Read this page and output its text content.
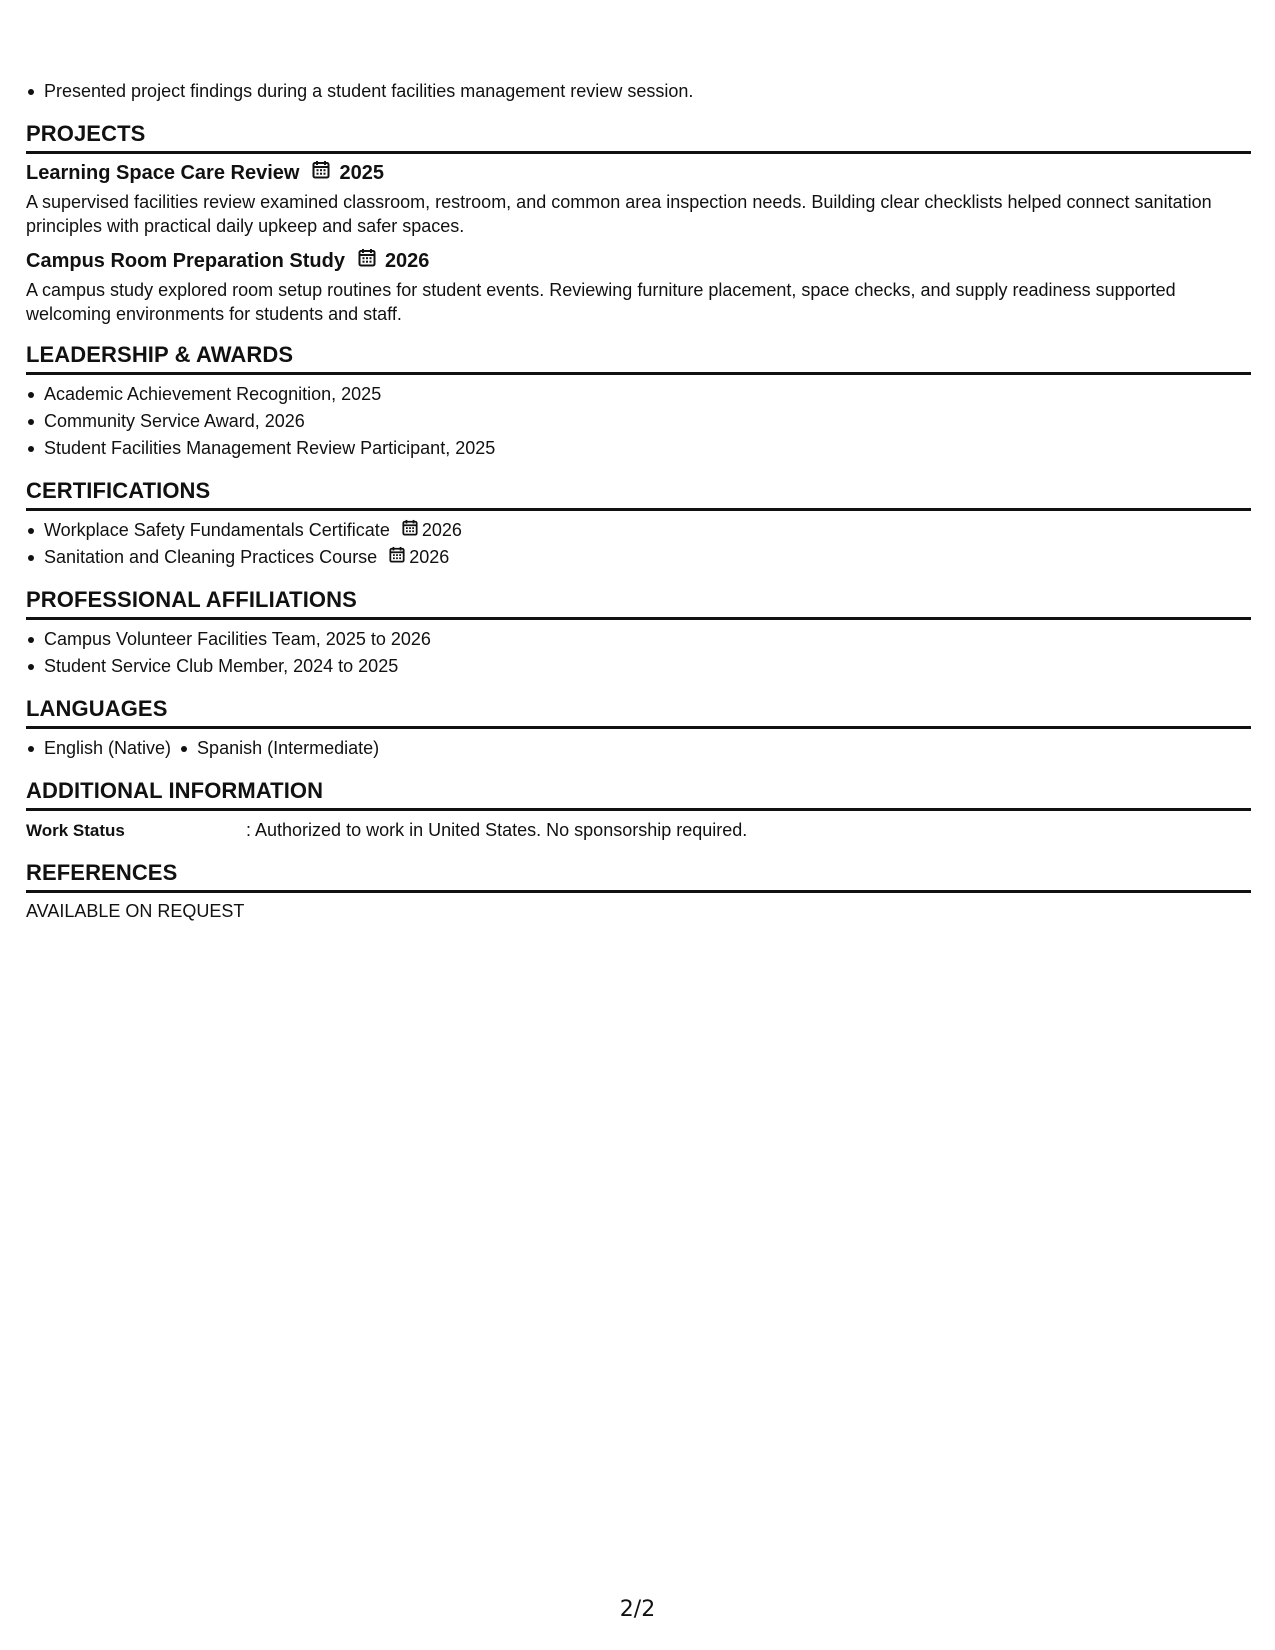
Presented project findings during a student facilities management review session.
PROJECTS
Learning Space Care Review 2025
A supervised facilities review examined classroom, restroom, and common area inspection needs. Building clear checklists helped connect sanitation principles with practical daily upkeep and safer spaces.
Campus Room Preparation Study 2026
A campus study explored room setup routines for student events. Reviewing furniture placement, space checks, and supply readiness supported welcoming environments for students and staff.
LEADERSHIP & AWARDS
Academic Achievement Recognition, 2025
Community Service Award, 2026
Student Facilities Management Review Participant, 2025
CERTIFICATIONS
Workplace Safety Fundamentals Certificate 2026
Sanitation and Cleaning Practices Course 2026
PROFESSIONAL AFFILIATIONS
Campus Volunteer Facilities Team, 2025 to 2026
Student Service Club Member, 2024 to 2025
LANGUAGES
English (Native) Spanish (Intermediate)
ADDITIONAL INFORMATION
Work Status	: Authorized to work in United States. No sponsorship required.
REFERENCES
AVAILABLE ON REQUEST
2/2
